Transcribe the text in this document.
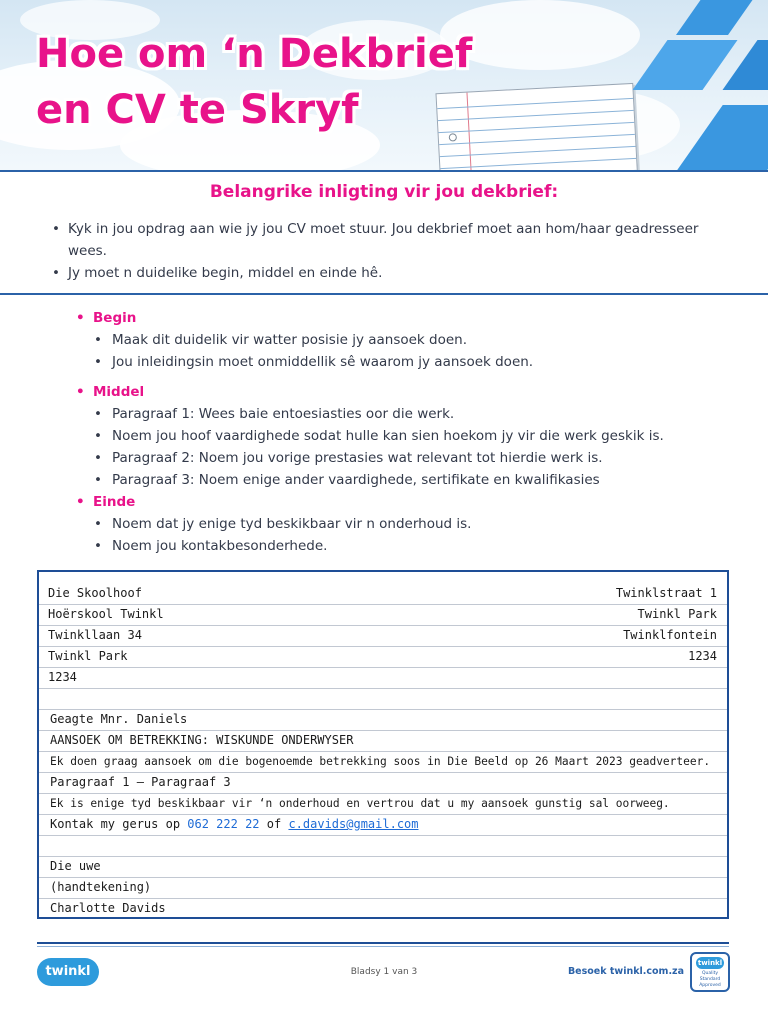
Hoe om ‘n Dekbrief
en CV te Skryf
Belangrike inligting vir jou dekbrief:
• Kyk in jou opdrag aan wie jy jou CV moet stuur. Jou dekbrief moet aan hom/haar geadresseer wees.
• Jy moet n duidelike begin, middel en einde hê.
• Begin
• Maak dit duidelik vir watter posisie jy aansoek doen.
• Jou inleidingsin moet onmiddellik sê waarom jy aansoek doen.
• Middel
• Paragraaf 1: Wees baie entoesiasties oor die werk.
• Noem jou hoof vaardighede sodat hulle kan sien hoekom jy vir die werk geskik is.
• Paragraaf 2: Noem jou vorige prestasies wat relevant tot hierdie werk is.
• Paragraaf 3: Noem enige ander vaardighede, sertifikate en kwalifikasies
• Einde
• Noem dat jy enige tyd beskikbaar vir n onderhoud is.
• Noem jou kontakbesonderhede.
Die Skoolhoof	Twinklstraat 1
Hoërskool Twinkl	Twinkl Park
Twinkllaan 34	Twinklfontein
Twinkl Park	1234
1234
Geagte Mnr. Daniels
AANSOEK OM BETREKKING: WISKUNDE ONDERWYSER
Ek doen graag aansoek om die bogenoemde betrekking soos in Die Beeld op 26 Maart 2023 geadverteer.
Paragraaf 1 – Paragraaf 3
Ek is enige tyd beskikbaar vir ‘n onderhoud en vertrou dat u my aansoek gunstig sal oorweeg.
Kontak my gerus op 062 222 22 of c.davids@gmail.com
Die uwe
(handtekening)
Charlotte Davids
twinkl	Bladsy 1 van 3	Besoek twinkl.com.za
twinkl
Quality Standard Approved
